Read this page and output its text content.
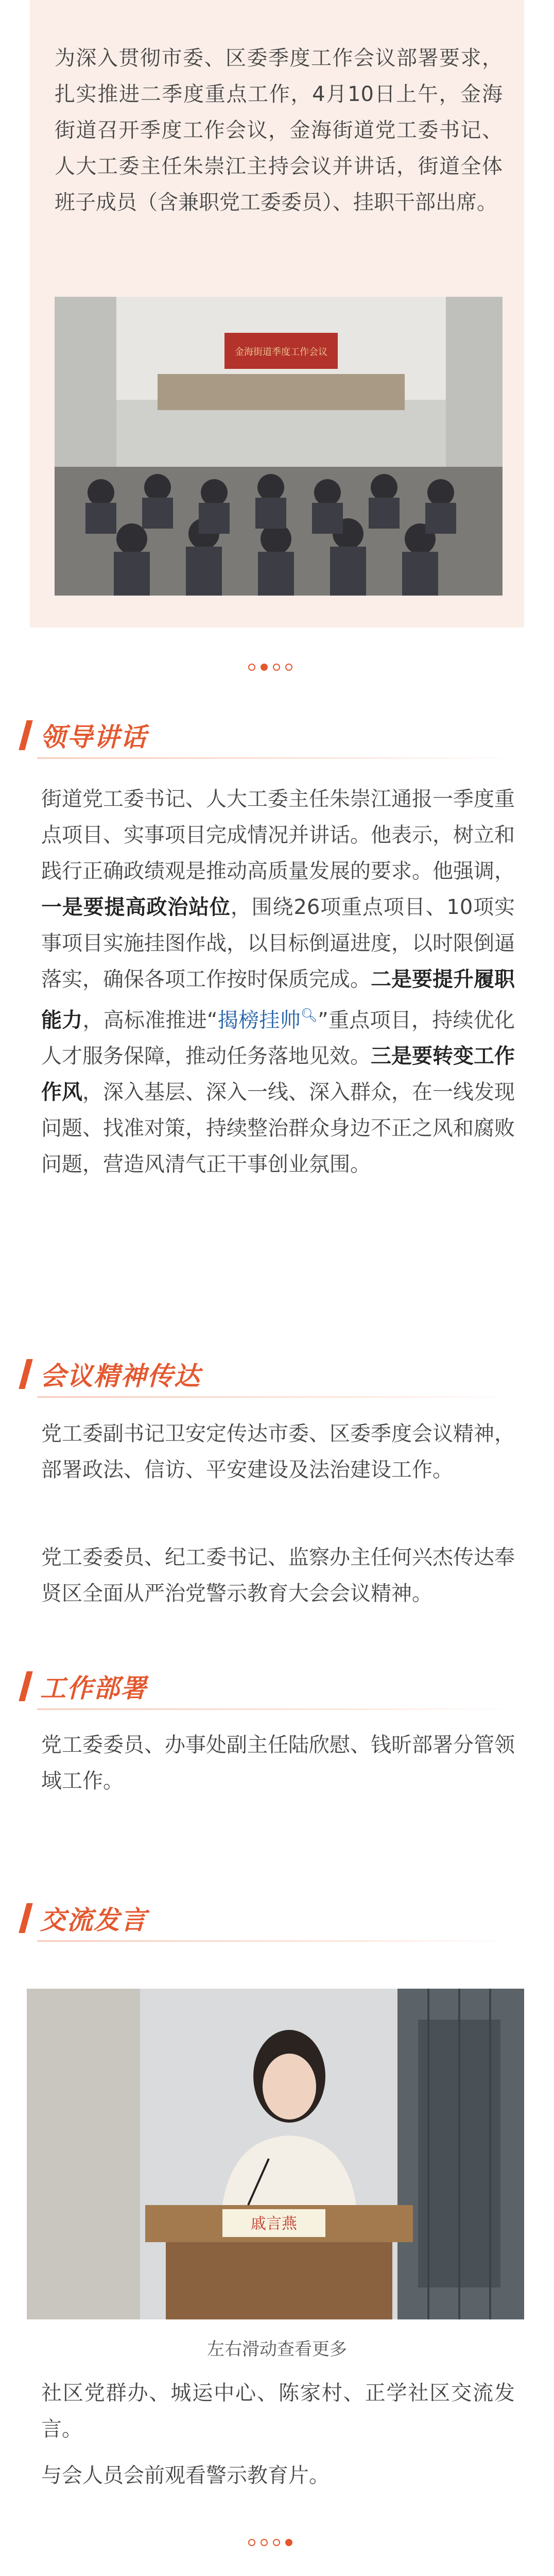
为深入贯彻市委、区委季度工作会议部署要求，扎实推进二季度重点工作，4月10日上午，金海街道召开季度工作会议，金海街道党工委书记、人大工委主任朱崇江主持会议并讲话，街道全体班子成员（含兼职党工委委员）、挂职干部出席。

金海街道季度工作会议
领导讲话

街道党工委书记、人大工委主任朱崇江通报一季度重点项目、实事项目完成情况并讲话。他表示，树立和践行正确政绩观是推动高质量发展的要求。他强调，一是要提高政治站位，围绕26项重点项目、10项实事项目实施挂图作战，以目标倒逼进度，以时限倒逼落实，确保各项工作按时保质完成。二是要提升履职能力，高标准推进“揭榜挂帅🔍︎”重点项目，持续优化人才服务保障，推动任务落地见效。三是要转变工作作风，深入基层、深入一线、深入群众，在一线发现问题、找准对策，持续整治群众身边不正之风和腐败问题，营造风清气正干事创业氛围。

会议精神传达

党工委副书记卫安定传达市委、区委季度会议精神，部署政法、信访、平安建设及法治建设工作。

党工委委员、纪工委书记、监察办主任何兴杰传达奉贤区全面从严治党警示教育大会会议精神。

工作部署

党工委委员、办事处副主任陆欣慰、钱昕部署分管领域工作。

交流发言
戚言燕
左右滑动查看更多

社区党群办、城运中心、陈家村、正学社区交流发言。

与会人员会前观看警示教育片。
